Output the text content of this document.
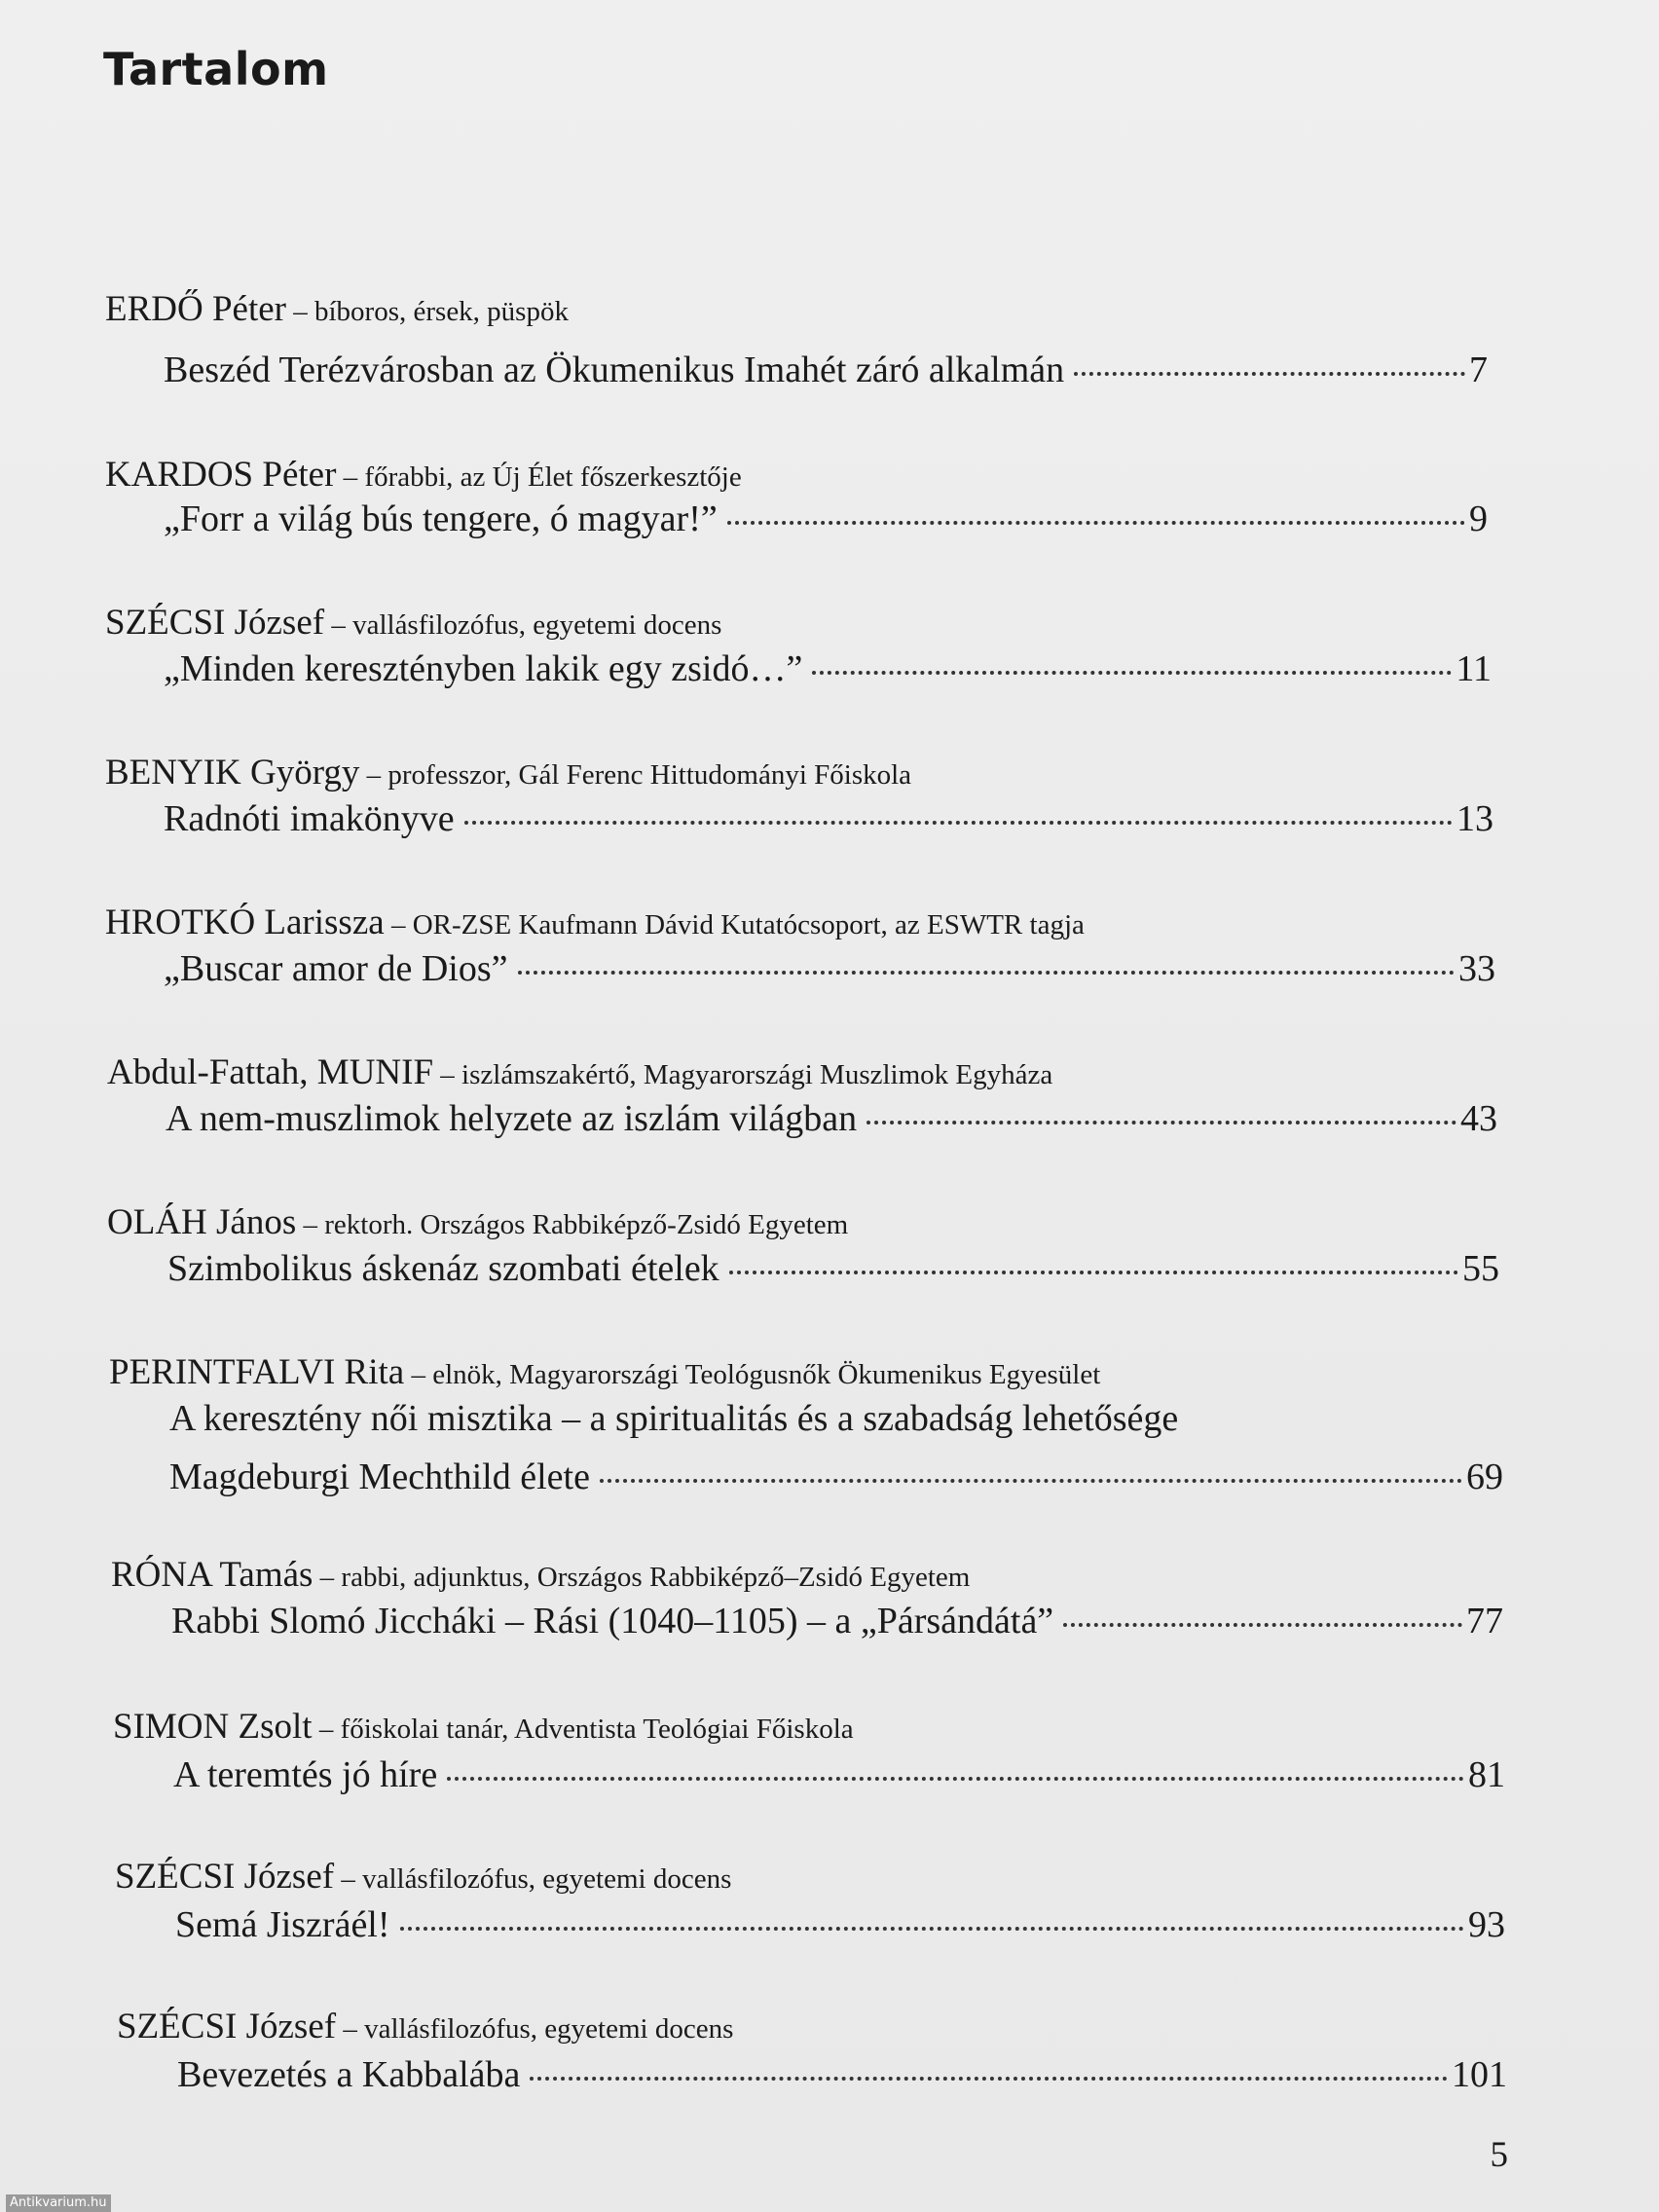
Tartalom
ERDŐ Péter – bíboros, érsek, püspök
Beszéd Terézvárosban az Ökumenikus Imahét záró alkalmán	7
KARDOS Péter – főrabbi, az Új Élet főszerkesztője
„Forr a világ bús tengere, ó magyar!”	9
SZÉCSI József – vallásfilozófus, egyetemi docens
„Minden keresztényben lakik egy zsidó…”	11
BENYIK György – professzor, Gál Ferenc Hittudományi Főiskola
Radnóti imakönyve	13
HROTKÓ Larissza – OR-ZSE Kaufmann Dávid Kutatócsoport, az ESWTR tagja
„Buscar amor de Dios”	33
Abdul-Fattah, MUNIF – iszlámszakértő, Magyarországi Muszlimok Egyháza
A nem-muszlimok helyzete az iszlám világban	43
OLÁH János – rektorh. Országos Rabbiképző-Zsidó Egyetem
Szimbolikus áskenáz szombati ételek	55
PERINTFALVI Rita – elnök, Magyarországi Teológusnők Ökumenikus Egyesület
A keresztény női misztika – a spiritualitás és a szabadság lehetősége
Magdeburgi Mechthild élete	69
RÓNA Tamás – rabbi, adjunktus, Országos Rabbiképző–Zsidó Egyetem
Rabbi Slomó Jiccháki – Rási (1040–1105) – a „Pársándátá”	77
SIMON Zsolt – főiskolai tanár, Adventista Teológiai Főiskola
A teremtés jó híre	81
SZÉCSI József – vallásfilozófus, egyetemi docens
Semá Jiszráél!	93
SZÉCSI József – vallásfilozófus, egyetemi docens
Bevezetés a Kabbalába	101
5
Antikvarium.hu
